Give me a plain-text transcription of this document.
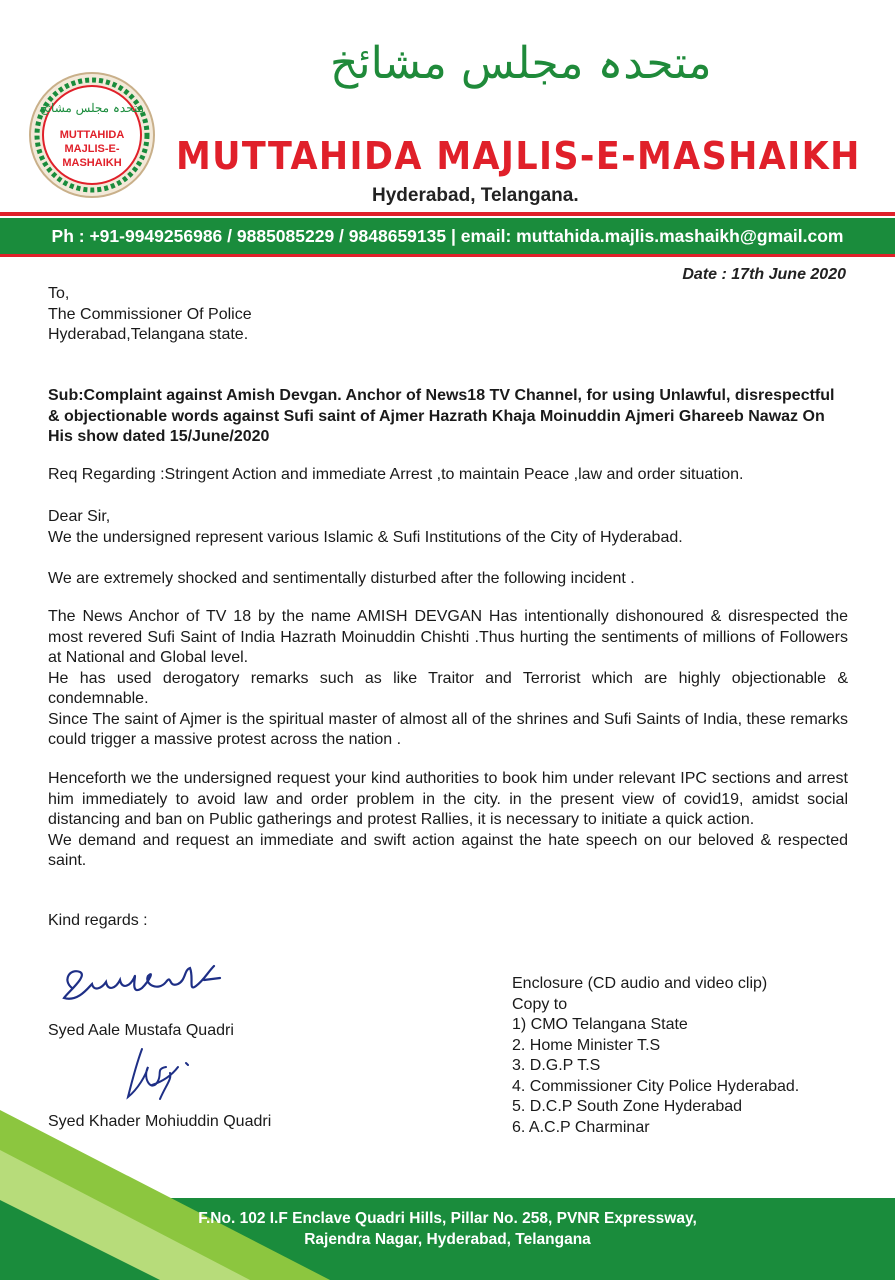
متحدہ مجلس مشائخ
MUTTAHIDA
MAJLIS-E-
MASHAIKH
متحدہ مجلس مشائخ
MUTTAHIDA MAJLIS-E-MASHAIKH
Hyderabad, Telangana.
Ph : +91-9949256986 / 9885085229 / 9848659135 | email: muttahida.majlis.mashaikh@gmail.com
Date : 17th June 2020
To,
The Commissioner Of Police
Hyderabad,Telangana state.
Sub:Complaint against Amish Devgan. Anchor of News18 TV Channel, for using Unlawful, disrespectful & objectionable words against Sufi saint of Ajmer Hazrath Khaja Moinuddin Ajmeri Ghareeb Nawaz On His show dated 15/June/2020
Req Regarding :Stringent Action and immediate Arrest ,to maintain Peace ,law and order situation.
Dear Sir,
We the undersigned represent various Islamic & Sufi Institutions of the City of Hyderabad.
We are extremely shocked and sentimentally disturbed after the following incident .
The News Anchor of TV 18 by the name AMISH DEVGAN Has intentionally dishonoured & disrespected the most revered Sufi Saint of India Hazrath Moinuddin Chishti .Thus hurting the sentiments of millions of Followers at National and Global level.
He has used derogatory remarks such as like Traitor and Terrorist which are highly objectionable & condemnable.
Since The saint of Ajmer is the spiritual master of almost all of the shrines and Sufi Saints of India, these remarks could trigger a massive protest across the nation .
Henceforth we the undersigned request your kind authorities to book him under relevant IPC sections and arrest him immediately to avoid law and order problem in the city. in the present view of covid19, amidst social distancing and ban on Public gatherings and protest Rallies, it is necessary to initiate a quick action.
We demand and request an immediate and swift action against the hate speech on our beloved & respected saint.
Kind regards :
Syed Aale Mustafa Quadri
Syed Khader Mohiuddin Quadri
Enclosure (CD audio and video clip)
Copy to
1) CMO Telangana State
2. Home Minister T.S
3. D.G.P T.S
4. Commissioner City Police Hyderabad.
5. D.C.P South Zone Hyderabad
6. A.C.P Charminar
F.No. 102 I.F Enclave Quadri Hills, Pillar No. 258, PVNR Expressway,
Rajendra Nagar, Hyderabad, Telangana
